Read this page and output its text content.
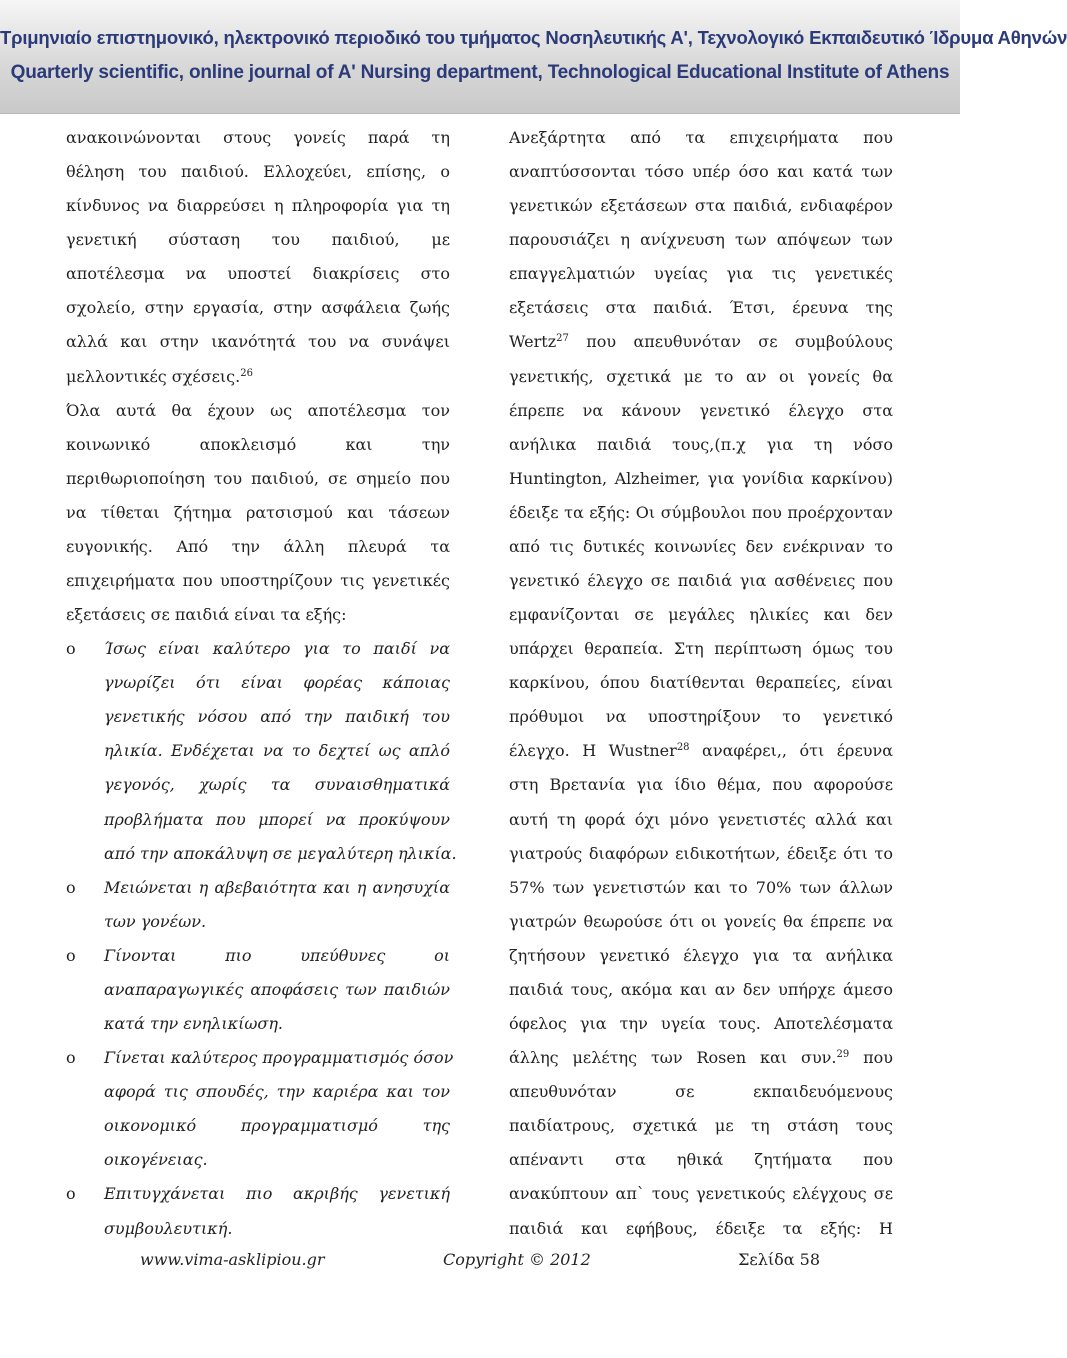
Τριμηνιαίο επιστημονικό, ηλεκτρονικό περιοδικό του τμήματος Νοσηλευτικής Α', Τεχνολογικό Εκπαιδευτικό Ίδρυμα Αθηνών
Quarterly scientific, online journal of A' Nursing department, Technological Educational Institute of Athens
ανακοινώνονται στους γονείς παρά τη
θέληση του παιδιού. Ελλοχεύει, επίσης, ο
κίνδυνος να διαρρεύσει η πληροφορία για τη
γενετική σύσταση του παιδιού, με
αποτέλεσμα να υποστεί διακρίσεις στο
σχολείο, στην εργασία, στην ασφάλεια ζωής
αλλά και στην ικανότητά του να συνάψει
μελλοντικές σχέσεις.$^{26}$
Όλα αυτά θα έχουν ως αποτέλεσμα τον
κοινωνικό αποκλεισμό και την
περιθωριοποίηση του παιδιού, σε σημείο που
να τίθεται ζήτημα ρατσισμού και τάσεων
ευγονικής. Από την άλλη πλευρά τα
επιχειρήματα που υποστηρίζουν τις γενετικές
εξετάσεις σε παιδιά είναι τα εξής:
o Ίσως είναι καλύτερο για το παιδί να
γνωρίζει ότι είναι φορέας κάποιας
γενετικής νόσου από την παιδική του
ηλικία. Ενδέχεται να το δεχτεί ως απλό
γεγονός, χωρίς τα συναισθηματικά
προβλήματα που μπορεί να προκύψουν
από την αποκάλυψη σε μεγαλύτερη ηλικία.
o Μειώνεται η αβεβαιότητα και η ανησυχία
των γονέων.
o Γίνονται πιο υπεύθυνες οι
αναπαραγωγικές αποφάσεις των παιδιών
κατά την ενηλικίωση.
o Γίνεται καλύτερος προγραμματισμός όσον
αφορά τις σπουδές, την καριέρα και τον
οικονομικό προγραμματισμό της
οικογένειας.
o Επιτυγχάνεται πιο ακριβής γενετική
συμβουλευτική.
Ανεξάρτητα από τα επιχειρήματα που
αναπτύσσονται τόσο υπέρ όσο και κατά των
γενετικών εξετάσεων στα παιδιά, ενδιαφέρον
παρουσιάζει η ανίχνευση των απόψεων των
επαγγελματιών υγείας για τις γενετικές
εξετάσεις στα παιδιά. Έτσι, έρευνα της
Wertz$^{27}$ που απευθυνόταν σε συμβούλους
γενετικής, σχετικά με το αν οι γονείς θα
έπρεπε να κάνουν γενετικό έλεγχο στα
ανήλικα παιδιά τους,(π.χ για τη νόσο
Huntington, Alzheimer, για γονίδια καρκίνου)
έδειξε τα εξής: Οι σύμβουλοι που προέρχονταν
από τις δυτικές κοινωνίες δεν ενέκριναν το
γενετικό έλεγχο σε παιδιά για ασθένειες που
εμφανίζονται σε μεγάλες ηλικίες και δεν
υπάρχει θεραπεία. Στη περίπτωση όμως του
καρκίνου, όπου διατίθενται θεραπείες, είναι
πρόθυμοι να υποστηρίξουν το γενετικό
έλεγχο. Η Wustner$^{28}$ αναφέρει,, ότι έρευνα
στη Βρετανία για ίδιο θέμα, που αφορούσε
αυτή τη φορά όχι μόνο γενετιστές αλλά και
γιατρούς διαφόρων ειδικοτήτων, έδειξε ότι το
57% των γενετιστών και το 70% των άλλων
γιατρών θεωρούσε ότι οι γονείς θα έπρεπε να
ζητήσουν γενετικό έλεγχο για τα ανήλικα
παιδιά τους, ακόμα και αν δεν υπήρχε άμεσο
όφελος για την υγεία τους. Αποτελέσματα
άλλης μελέτης των Rosen και συν.$^{29}$ που
απευθυνόταν σε εκπαιδευόμενους
παιδίατρους, σχετικά με τη στάση τους
απέναντι στα ηθικά ζητήματα που
ανακύπτουν απ` τους γενετικούς ελέγχους σε
παιδιά και εφήβους, έδειξε τα εξής: Η
www.vima-asklipiou.gr	Copyright © 2012	Σελίδα 58
